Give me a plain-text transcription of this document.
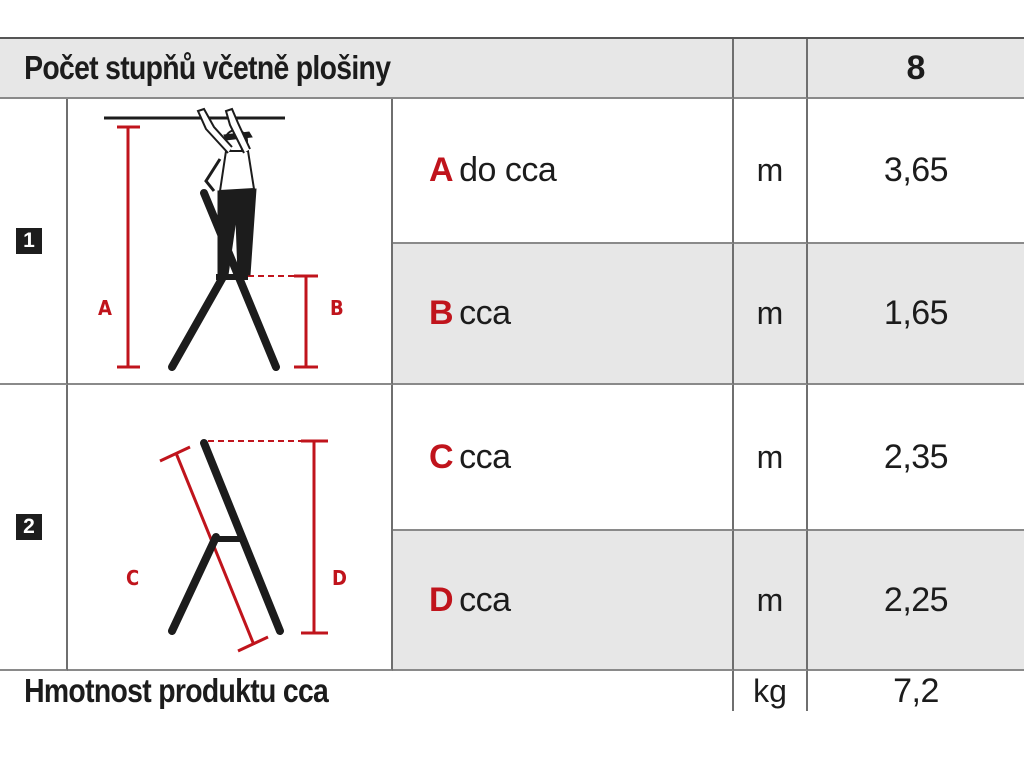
Počet stupňů včetně plošiny	8
1
A	B
A do cca	m	3,65
B cca	m	1,65
2
C	D
C cca	m	2,35
D cca	m	2,25
Hmotnost produktu cca	kg	7,2
